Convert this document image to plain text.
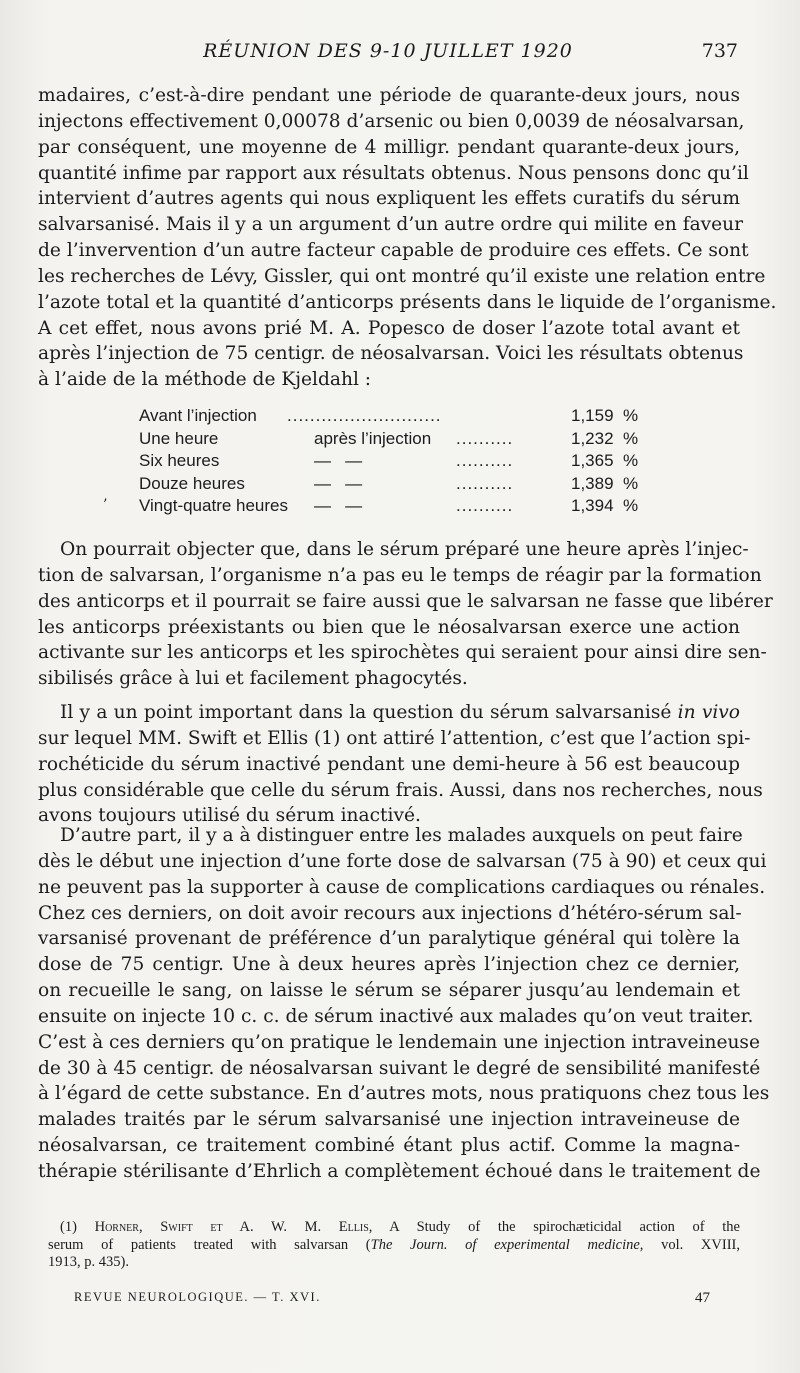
RÉUNION DES 9-10 JUILLET 1920	737
madaires, c’est-à-dire pendant une période de quarante-deux jours, nous
injectons effectivement 0,00078 d’arsenic ou bien 0,0039 de néosalvarsan,
par conséquent, une moyenne de 4 milligr. pendant quarante-deux jours,
quantité infime par rapport aux résultats obtenus. Nous pensons donc qu’il
intervient d’autres agents qui nous expliquent les effets curatifs du sérum
salvarsanisé. Mais il y a un argument d’un autre ordre qui milite en faveur
de l’invervention d’un autre facteur capable de produire ces effets. Ce sont
les recherches de Lévy, Gissler, qui ont montré qu’il existe une relation entre
l’azote total et la quantité d’anticorps présents dans le liquide de l’organisme.
A cet effet, nous avons prié M. A. Popesco de doser l’azote total avant et
après l’injection de 75 centigr. de néosalvarsan. Voici les résultats obtenus
à l’aide de la méthode de Kjeldahl :
’
Avant l’injection ...........................	1,159 %
Une heure	après l’injection ..........	1,232 %
Six heures	—   —	..........	1,365 %
Douze heures	—   —	..........	1,389 %
Vingt-quatre heures —   —	..........	1,394 %
On pourrait objecter que, dans le sérum préparé une heure après l’injec-
tion de salvarsan, l’organisme n’a pas eu le temps de réagir par la formation
des anticorps et il pourrait se faire aussi que le salvarsan ne fasse que libérer
les anticorps préexistants ou bien que le néosalvarsan exerce une action
activante sur les anticorps et les spirochètes qui seraient pour ainsi dire sen-
sibilisés grâce à lui et facilement phagocytés.
Il y a un point important dans la question du sérum salvarsanisé in vivo
sur lequel MM. Swift et Ellis (1) ont attiré l’attention, c’est que l’action spi-
rochéticide du sérum inactivé pendant une demi-heure à 56 est beaucoup
plus considérable que celle du sérum frais. Aussi, dans nos recherches, nous
avons toujours utilisé du sérum inactivé.
D’autre part, il y a à distinguer entre les malades auxquels on peut faire
dès le début une injection d’une forte dose de salvarsan (75 à 90) et ceux qui
ne peuvent pas la supporter à cause de complications cardiaques ou rénales.
Chez ces derniers, on doit avoir recours aux injections d’hétéro-sérum sal-
varsanisé provenant de préférence d’un paralytique général qui tolère la
dose de 75 centigr. Une à deux heures après l’injection chez ce dernier,
on recueille le sang, on laisse le sérum se séparer jusqu’au lendemain et
ensuite on injecte 10 c. c. de sérum inactivé aux malades qu’on veut traiter.
C’est à ces derniers qu’on pratique le lendemain une injection intraveineuse
de 30 à 45 centigr. de néosalvarsan suivant le degré de sensibilité manifesté
à l’égard de cette substance. En d’autres mots, nous pratiquons chez tous les
malades traités par le sérum salvarsanisé une injection intraveineuse de
néosalvarsan, ce traitement combiné étant plus actif. Comme la magna-
thérapie stérilisante d’Ehrlich a complètement échoué dans le traitement de
(1) Horner, Swift et A. W. M. Ellis, A Study of the spirochæticidal action of the
serum of patients treated with salvarsan (The Journ. of experimental medicine, vol. XVIII,
1913, p. 435).
REVUE NEUROLOGIQUE. — T. XVI.	47
